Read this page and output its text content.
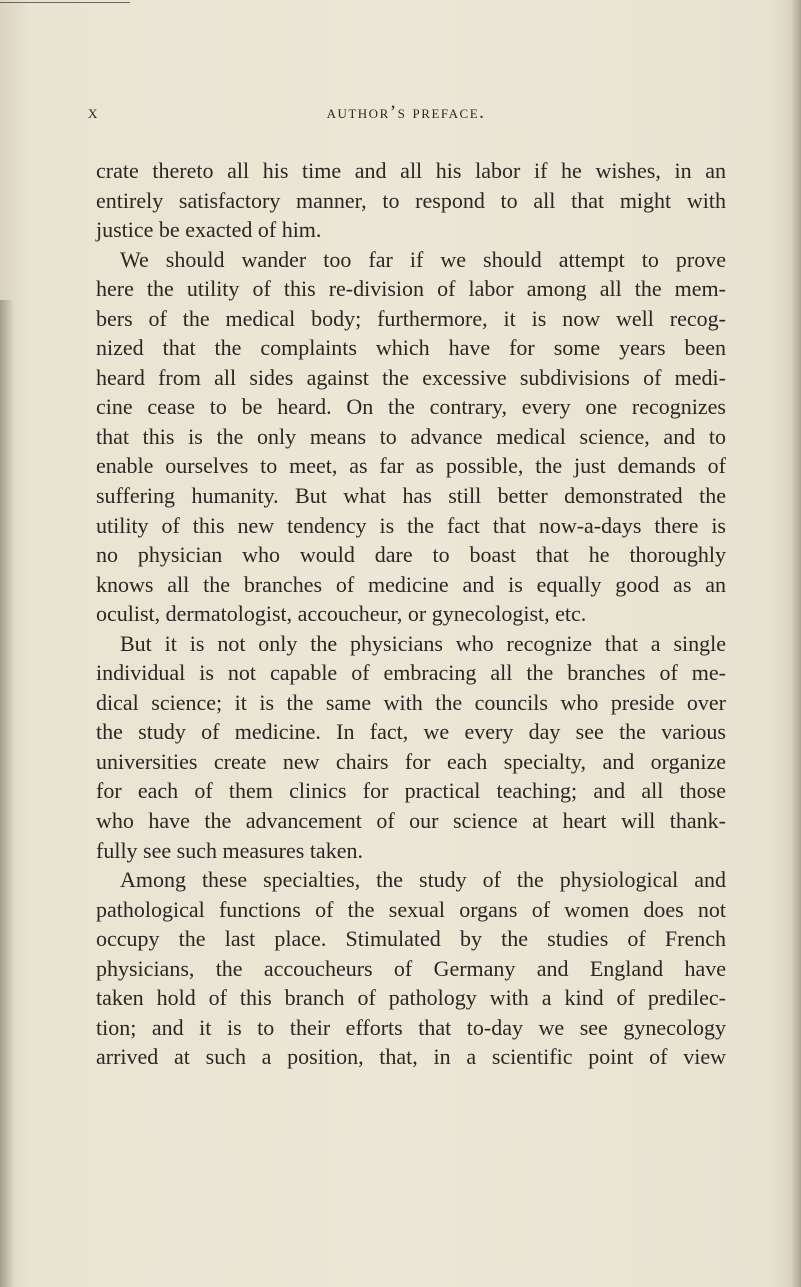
x	author’s preface.
crate thereto all his time and all his labor if he wishes, in an
entirely satisfactory manner, to respond to all that might with
justice be exacted of him.
We should wander too far if we should attempt to prove
here the utility of this re-division of labor among all the mem-
bers of the medical body; furthermore, it is now well recog-
nized that the complaints which have for some years been
heard from all sides against the excessive subdivisions of medi-
cine cease to be heard. On the contrary, every one recognizes
that this is the only means to advance medical science, and to
enable ourselves to meet, as far as possible, the just demands of
suffering humanity. But what has still better demonstrated the
utility of this new tendency is the fact that now-a-days there is
no physician who would dare to boast that he thoroughly
knows all the branches of medicine and is equally good as an
oculist, dermatologist, accoucheur, or gynecologist, etc.
But it is not only the physicians who recognize that a single
individual is not capable of embracing all the branches of me-
dical science; it is the same with the councils who preside over
the study of medicine. In fact, we every day see the various
universities create new chairs for each specialty, and organize
for each of them clinics for practical teaching; and all those
who have the advancement of our science at heart will thank-
fully see such measures taken.
Among these specialties, the study of the physiological and
pathological functions of the sexual organs of women does not
occupy the last place. Stimulated by the studies of French
physicians, the accoucheurs of Germany and England have
taken hold of this branch of pathology with a kind of predilec-
tion; and it is to their efforts that to-day we see gynecology
arrived at such a position, that, in a scientific point of view
